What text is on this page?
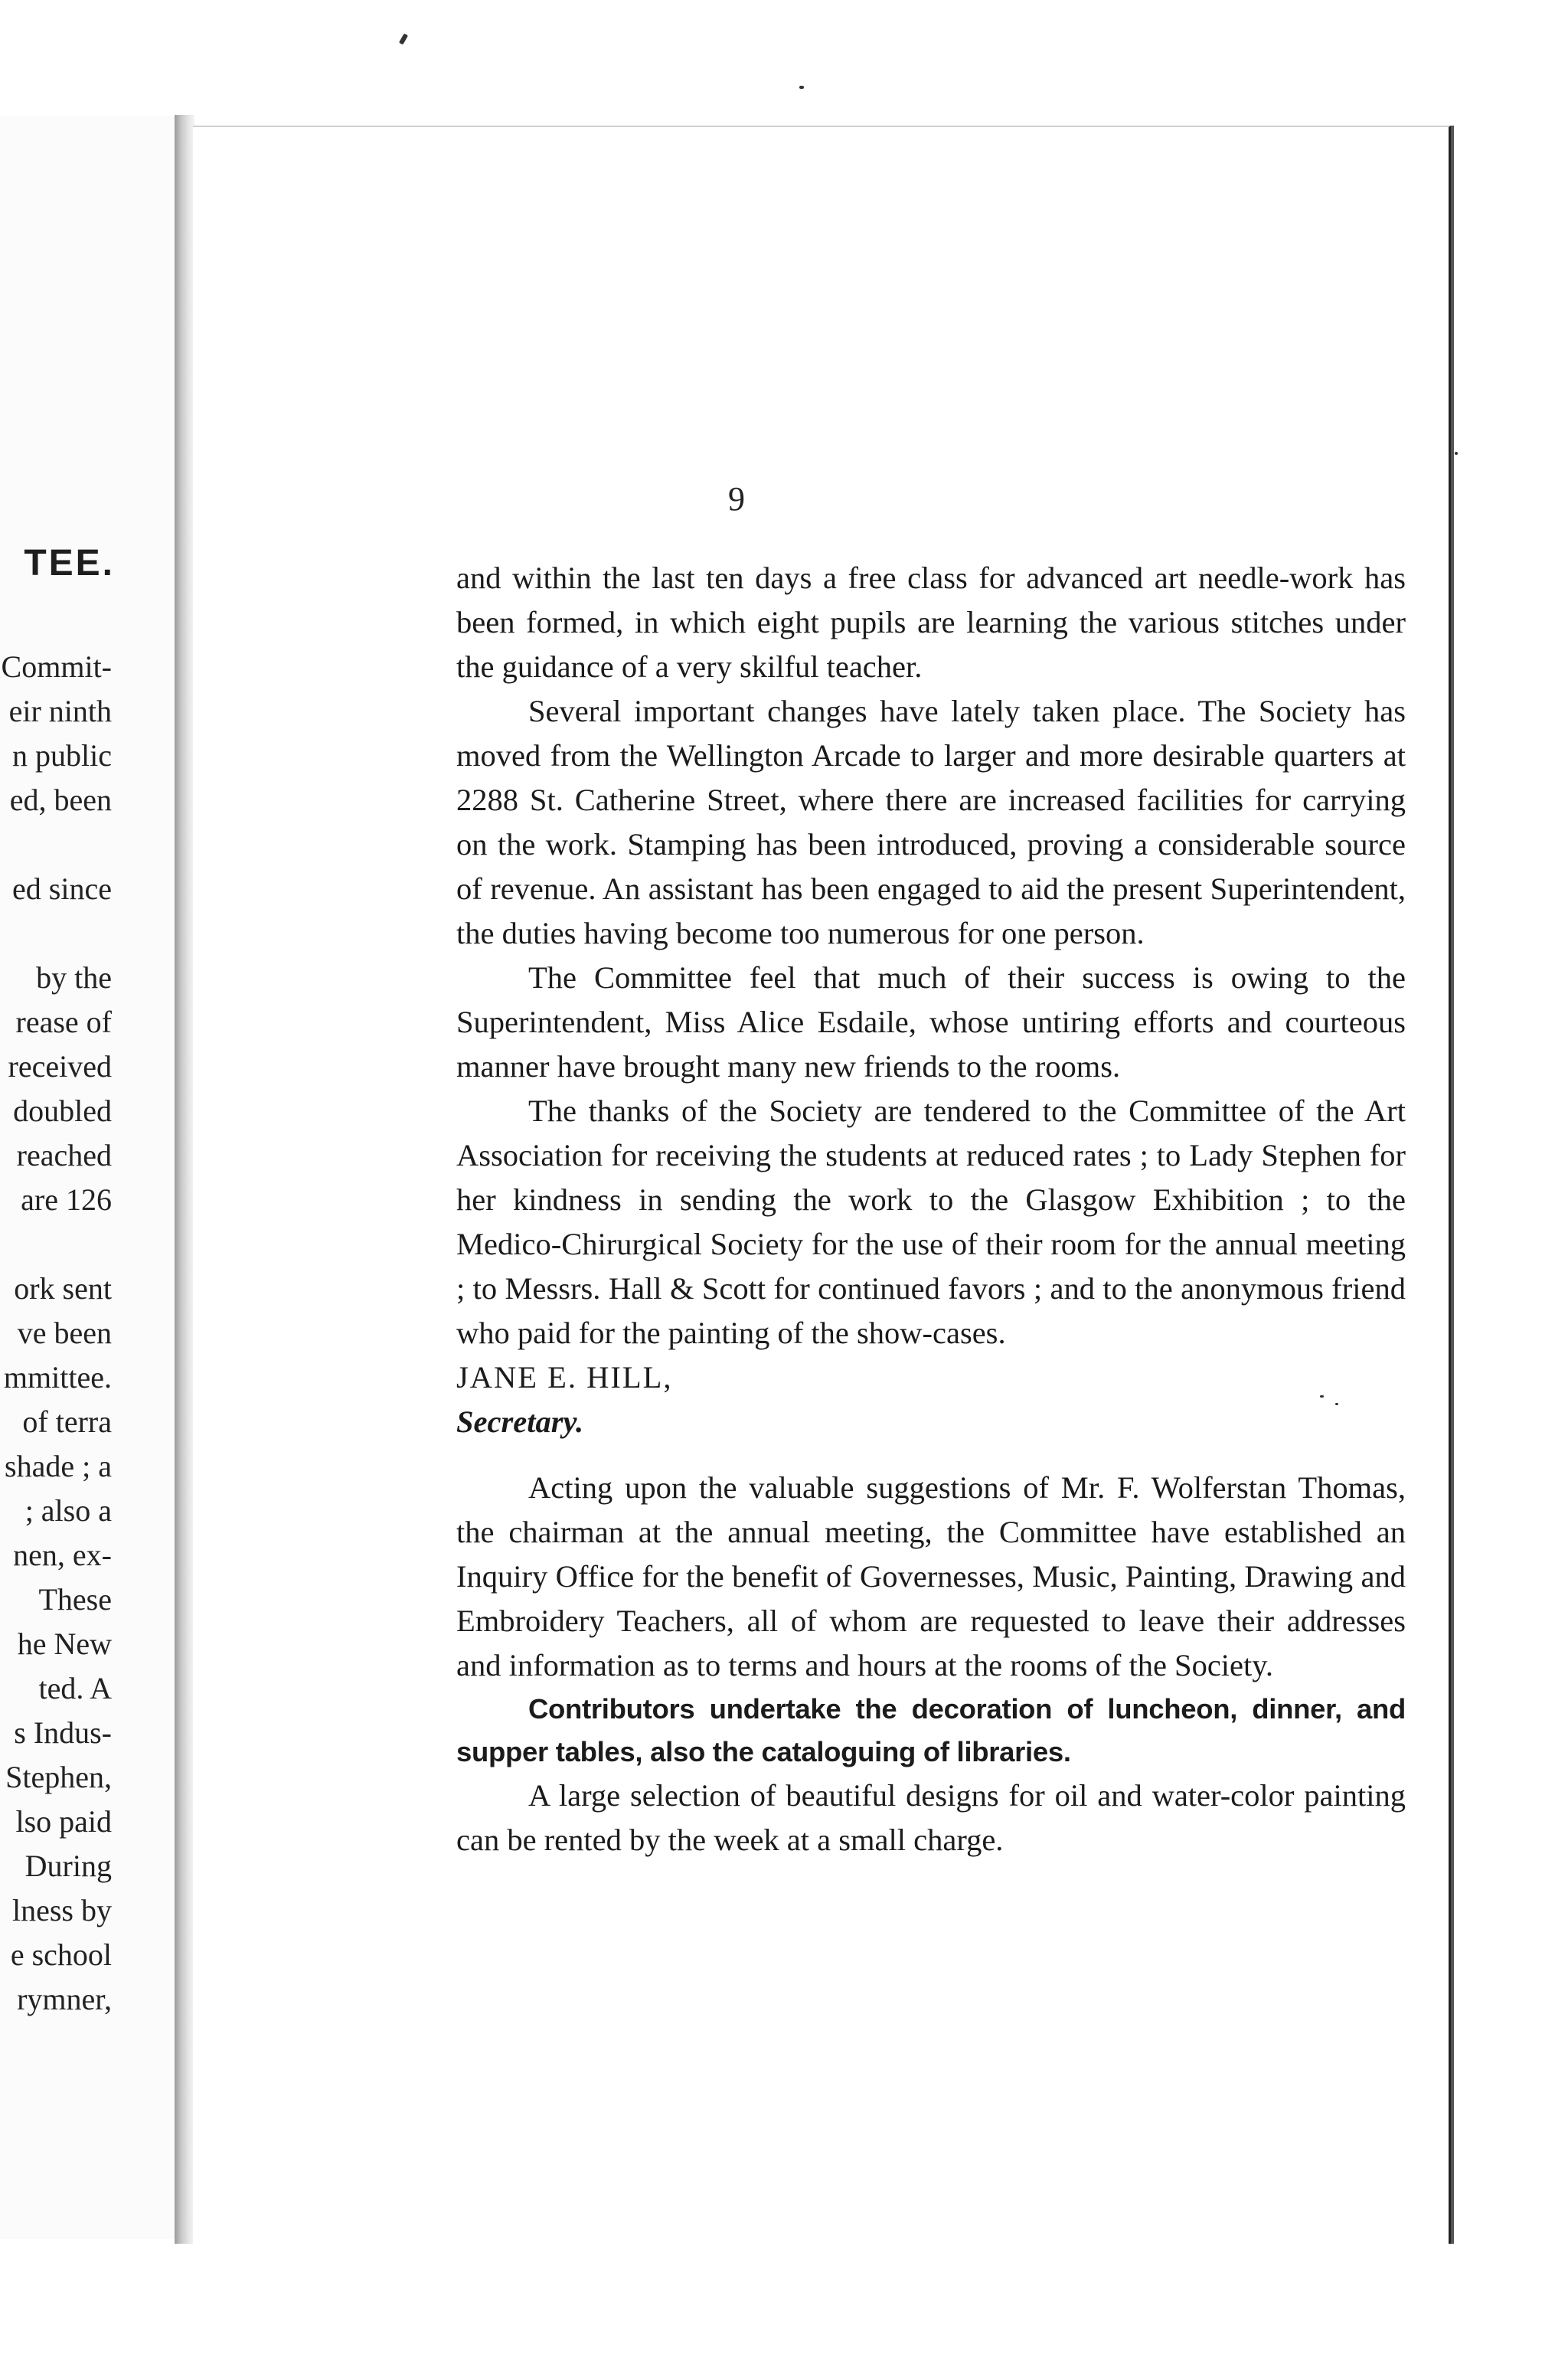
TEE.
Commit-
eir ninth
n public
ed, been
ed since
by the
rease of
received
doubled
reached
are 126
ork sent
ve been
mmittee.
of terra
shade ; a
; also a
nen, ex-
These
he New
ted. A
s Indus-
Stephen,
lso paid
During
lness by
e school
rymner,
9

and within the last ten days a free class for advanced art needle-work has been formed, in which eight pupils are learning the various stitches under the guidance of a very skilful teacher.

Several important changes have lately taken place. The Society has moved from the Wellington Arcade to larger and more desirable quarters at 2288 St. Catherine Street, where there are increased facilities for carrying on the work. Stamping has been introduced, proving a considerable source of revenue. An assistant has been engaged to aid the present Superintendent, the duties having become too numerous for one person.

The Committee feel that much of their success is owing to the Superintendent, Miss Alice Esdaile, whose untiring efforts and courteous manner have brought many new friends to the rooms.

The thanks of the Society are tendered to the Committee of the Art Association for receiving the students at reduced rates ; to Lady Stephen for her kindness in sending the work to the Glasgow Exhibition ; to the Medico-Chirurgical Society for the use of their room for the annual meeting ; to Messrs. Hall & Scott for continued favors ; and to the anonymous friend who paid for the painting of the show-cases.

JANE E. HILL,

Secretary.

Acting upon the valuable suggestions of Mr. F. Wolferstan Thomas, the chairman at the annual meeting, the Committee have established an Inquiry Office for the benefit of Governesses, Music, Painting, Drawing and Embroidery Teachers, all of whom are requested to leave their addresses and information as to terms and hours at the rooms of the Society.

Contributors undertake the decoration of luncheon, dinner, and supper tables, also the cataloguing of libraries.

A large selection of beautiful designs for oil and water-color painting can be rented by the week at a small charge.
